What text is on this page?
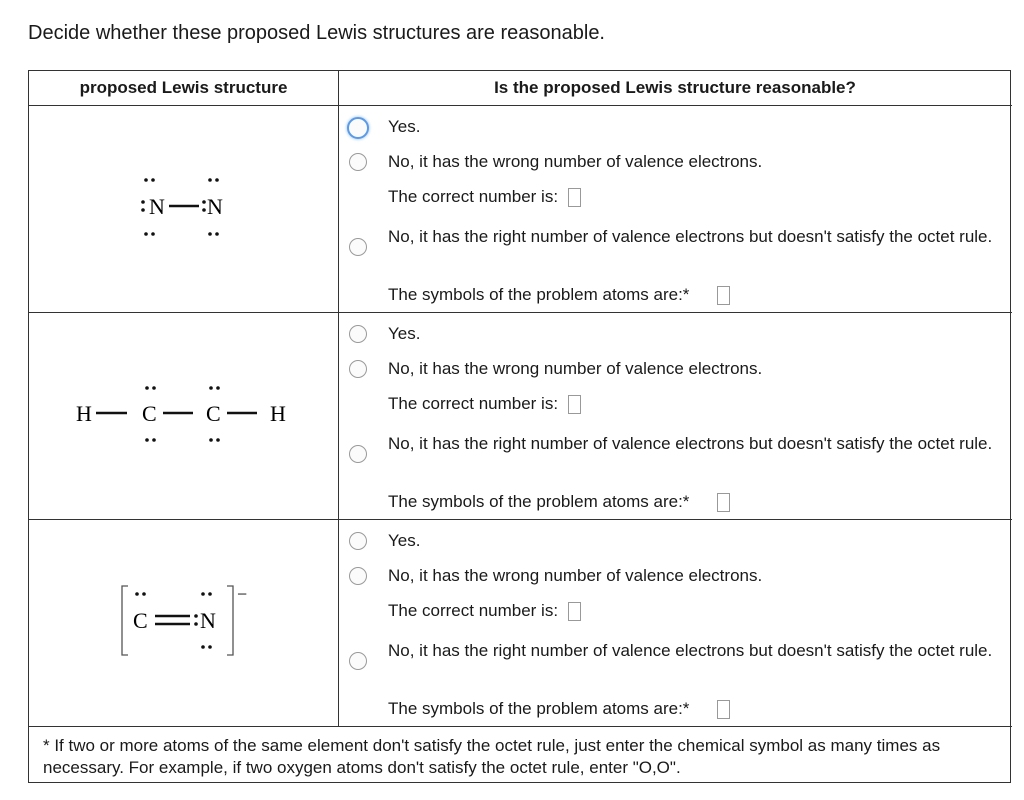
Decide whether these proposed Lewis structures are reasonable.
proposed Lewis structure	Is the proposed Lewis structure reasonable?
N N
H C C H
C N
−
Yes.
No, it has the wrong number of valence electrons.
The correct number is:
No, it has the right number of valence electrons but doesn't satisfy the octet rule.
The symbols of the problem atoms are:*
Yes.
No, it has the wrong number of valence electrons.
The correct number is:
No, it has the right number of valence electrons but doesn't satisfy the octet rule.
The symbols of the problem atoms are:*
Yes.
No, it has the wrong number of valence electrons.
The correct number is:
No, it has the right number of valence electrons but doesn't satisfy the octet rule.
The symbols of the problem atoms are:*
* If two or more atoms of the same element don't satisfy the octet rule, just enter the chemical symbol as many times as necessary. For example, if two oxygen atoms don't satisfy the octet rule, enter "O,O".
